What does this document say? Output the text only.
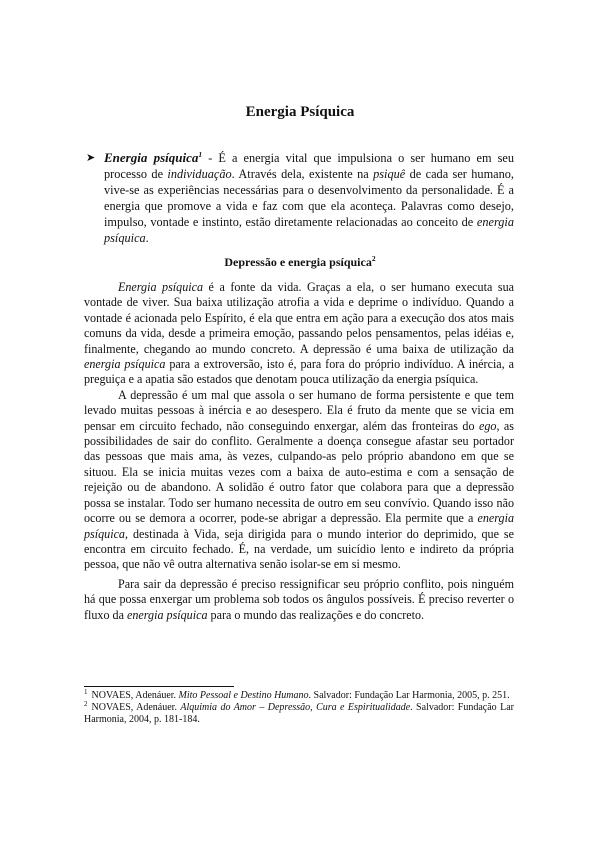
Energia Psíquica
➤ Energia psíquica$^1$ - É a energia vital que impulsiona o ser humano em seu processo de individuação. Através dela, existente na psiquê de cada ser humano, vive-se as experiências necessárias para o desenvolvimento da personalidade. É a energia que promove a vida e faz com que ela aconteça. Palavras como desejo, impulso, vontade e instinto, estão diretamente relacionadas ao conceito de energia psíquica.
Depressão e energia psíquica$^2$

Energia psíquica é a fonte da vida. Graças a ela, o ser humano executa sua vontade de viver. Sua baixa utilização atrofia a vida e deprime o indivíduo. Quando a vontade é acionada pelo Espírito, é ela que entra em ação para a execução dos atos mais comuns da vida, desde a primeira emoção, passando pelos pensamentos, pelas idéias e, finalmente, chegando ao mundo concreto. A depressão é uma baixa de utilização da energia psíquica para a extroversão, isto é, para fora do próprio indivíduo. A inércia, a preguiça e a apatia são estados que denotam pouca utilização da energia psíquica.

A depressão é um mal que assola o ser humano de forma persistente e que tem levado muitas pessoas à inércia e ao desespero. Ela é fruto da mente que se vicia em pensar em circuito fechado, não conseguindo enxergar, além das fronteiras do ego, as possibilidades de sair do conflito. Geralmente a doença consegue afastar seu portador das pessoas que mais ama, às vezes, culpando-as pelo próprio abandono em que se situou. Ela se inicia muitas vezes com a baixa de auto-estima e com a sensação de rejeição ou de abandono. A solidão é outro fator que colabora para que a depressão possa se instalar. Todo ser humano necessita de outro em seu convívio. Quando isso não ocorre ou se demora a ocorrer, pode-se abrigar a depressão. Ela permite que a energia psíquica, destinada à Vida, seja dirigida para o mundo interior do deprimido, que se encontra em circuito fechado. É, na verdade, um suicídio lento e indireto da própria pessoa, que não vê outra alternativa senão isolar-se em si mesmo.

Para sair da depressão é preciso ressignificar seu próprio conflito, pois ninguém há que possa enxergar um problema sob todos os ângulos possíveis. É preciso reverter o fluxo da energia psíquica para o mundo das realizações e do concreto.

$^1$ NOVAES, Adenáuer. Mito Pessoal e Destino Humano. Salvador: Fundação Lar Harmonia, 2005, p. 251.

$^2$ NOVAES, Adenáuer. Alquimia do Amor – Depressão, Cura e Espiritualidade. Salvador: Fundação Lar Harmonia, 2004, p. 181-184.
